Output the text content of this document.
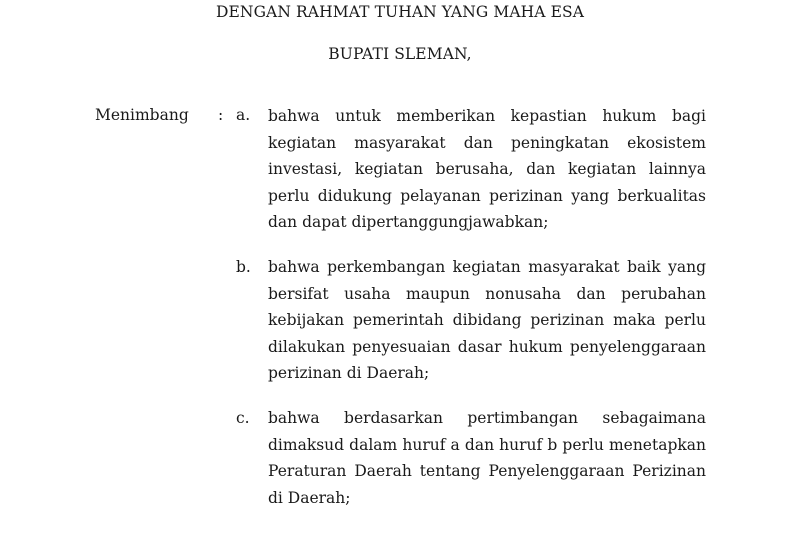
DENGAN RAHMAT TUHAN YANG MAHA ESA
BUPATI SLEMAN,
Menimbang : a. bahwa untuk memberikan kepastian hukum bagi kegiatan masyarakat dan peningkatan ekosistem investasi, kegiatan berusaha, dan kegiatan lainnya perlu didukung pelayanan perizinan yang berkualitas dan dapat dipertanggungjawabkan;
b. bahwa perkembangan kegiatan masyarakat baik yang bersifat usaha maupun nonusaha dan perubahan kebijakan pemerintah dibidang perizinan maka perlu dilakukan penyesuaian dasar hukum penyelenggaraan perizinan di Daerah;
c. bahwa berdasarkan pertimbangan sebagaimana dimaksud dalam huruf a dan huruf b perlu menetapkan Peraturan Daerah tentang Penyelenggaraan Perizinan di Daerah;
